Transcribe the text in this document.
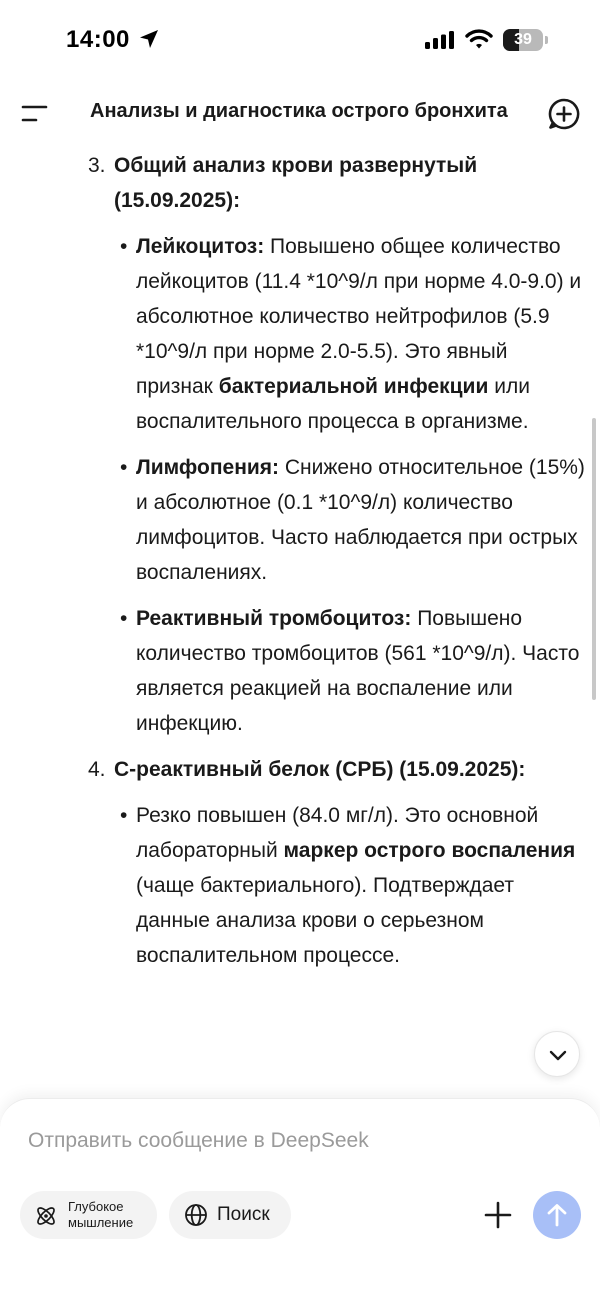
14:00	39
Анализы и диагностика острого бронхита
3. Общий анализ крови развернутый (15.09.2025):
• Лейкоцитоз: Повышено общее количество лейкоцитов (11.4 *10^9/л при норме 4.0-9.0) и абсолютное количество нейтрофилов (5.9 *10^9/л при норме 2.0-5.5). Это явный признак бактериальной инфекции или воспалительного процесса в организме.
• Лимфопения: Снижено относительное (15%) и абсолютное (0.1 *10^9/л) количество лимфоцитов. Часто наблюдается при острых воспалениях.
• Реактивный тромбоцитоз: Повышено количество тромбоцитов (561 *10^9/л). Часто является реакцией на воспаление или инфекцию.
4. С-реактивный белок (СРБ) (15.09.2025):
• Резко повышен (84.0 мг/л). Это основной лабораторный маркер острого воспаления (чаще бактериального). Подтверждает данные анализа крови о серьезном воспалительном процессе.
Отправить сообщение в DeepSeek
Глубокое мышление	Поиск
